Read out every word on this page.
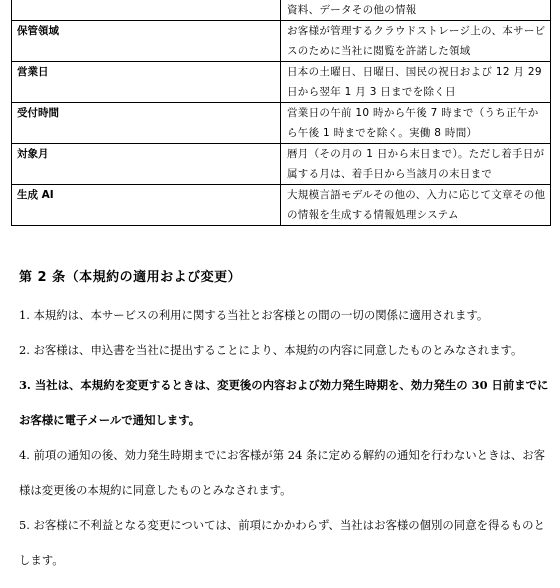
	資料、データその他の情報
保管領域	お客様が管理するクラウドストレージ上の、本サービスのために当社に閲覧を許諾した領域
営業日	日本の土曜日、日曜日、国民の祝日および 12 月 29 日から翌年 1 月 3 日までを除く日
受付時間	営業日の午前 10 時から午後 7 時まで（うち正午から午後 1 時までを除く。実働 8 時間）
対象月	暦月（その月の 1 日から末日まで）。ただし着手日が属する月は、着手日から当該月の末日まで
生成 AI	大規模言語モデルその他の、入力に応じて文章その他の情報を生成する情報処理システム
第 2 条（本規約の適用および変更）

1. 本規約は、本サービスの利用に関する当社とお客様との間の一切の関係に適用されます。

2. お客様は、申込書を当社に提出することにより、本規約の内容に同意したものとみなされます。

3. 当社は、本規約を変更するときは、変更後の内容および効力発生時期を、効力発生の 30 日前までにお客様に電子メールで通知します。

4. 前項の通知の後、効力発生時期までにお客様が第 24 条に定める解約の通知を行わないときは、お客様は変更後の本規約に同意したものとみなされます。

5. お客様に不利益となる変更については、前項にかかわらず、当社はお客様の個別の同意を得るものとします。
